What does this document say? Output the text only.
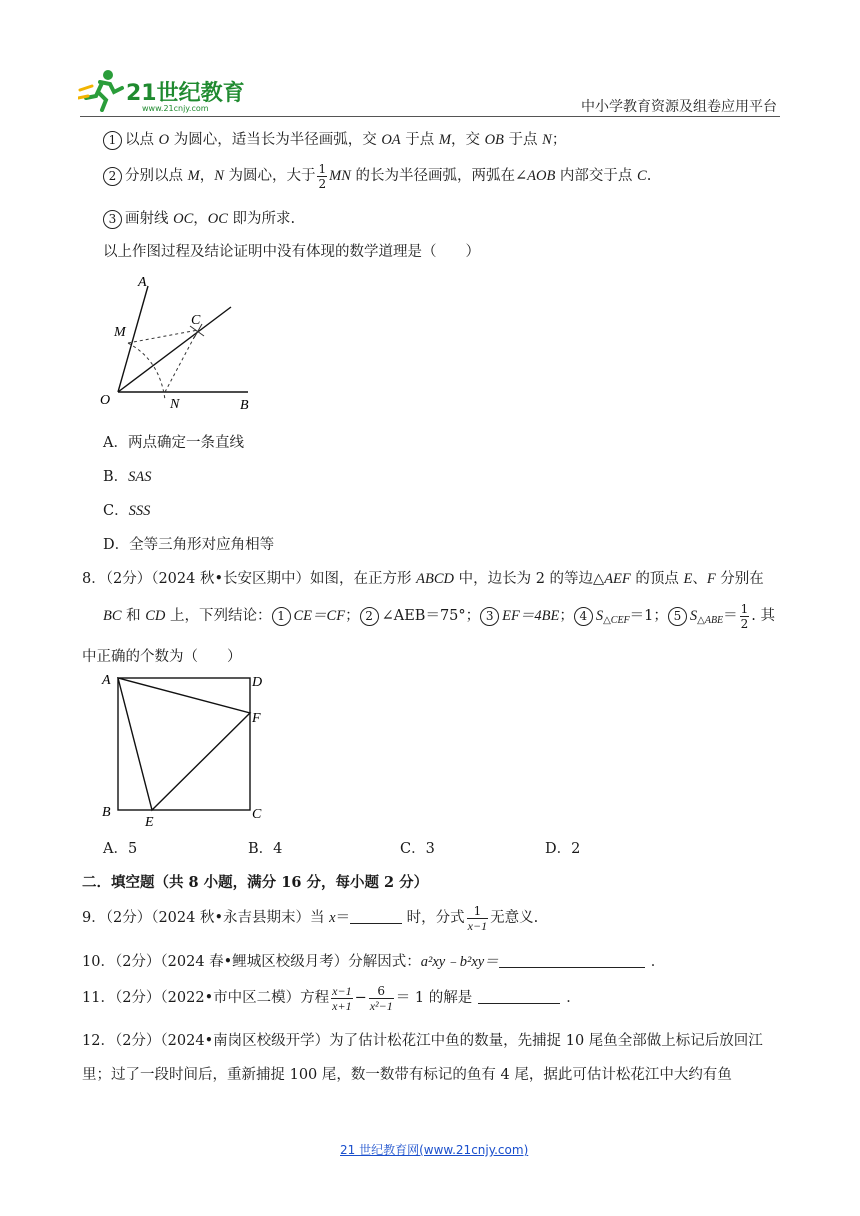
21世纪教育
www.21cnjy.com	中小学教育资源及组卷应用平台
1 以点 O 为圆心，适当长为半径画弧，交 OA 于点 M，交 OB 于点 N；
2 分别以点 M，N 为圆心，大于 $\frac{1}{2}$ MN 的长为半径画弧，两弧在∠AOB 内部交于点 C.
3 画射线 OC，OC 即为所求.
以上作图过程及结论证明中没有体现的数学道理是（　　）
A
M
C
O	N	B
A．两点确定一条直线
B．SAS
C．SSS
D．全等三角形对应角相等
8．（2分）（2024 秋•长安区期中）如图，在正方形 ABCD 中，边长为 2 的等边△AEF 的顶点 E、F 分别在
BC 和 CD 上，下列结论： 1 CE＝CF； 2 ∠AEB＝75°； 3 EF＝4BE； 4 $S_{\triangle CEF}=1$； 5 $S_{\triangle ABE}= \frac{1}{2}$ . 其
中正确的个数为（　　）
A	D
F
B
E
C
A．5	B．4	C．3	D．2
二．填空题（共 8 小题，满分 16 分，每小题 2 分）
9．（2分）（2024 秋•永吉县期末）当 x＝	时，分式 $\frac{1}{x-1}$ 无意义.
10．（2分）（2024 春•鲤城区校级月考）分解因式：a²xy﹣b²xy＝	．
11．（2分）（2022•市中区二模）方程 $\frac{x-1}{x+1} - \frac{6}{\text{x²−1}} = 1$ 的解是	．
12．（2分）（2024•南岗区校级开学）为了估计松花江中鱼的数量，先捕捉 10 尾鱼全部做上标记后放回江
里；过了一段时间后，重新捕捉 100 尾，数一数带有标记的鱼有 4 尾，据此可估计松花江中大约有鱼
21 世纪教育网(www.21cnjy.com)
